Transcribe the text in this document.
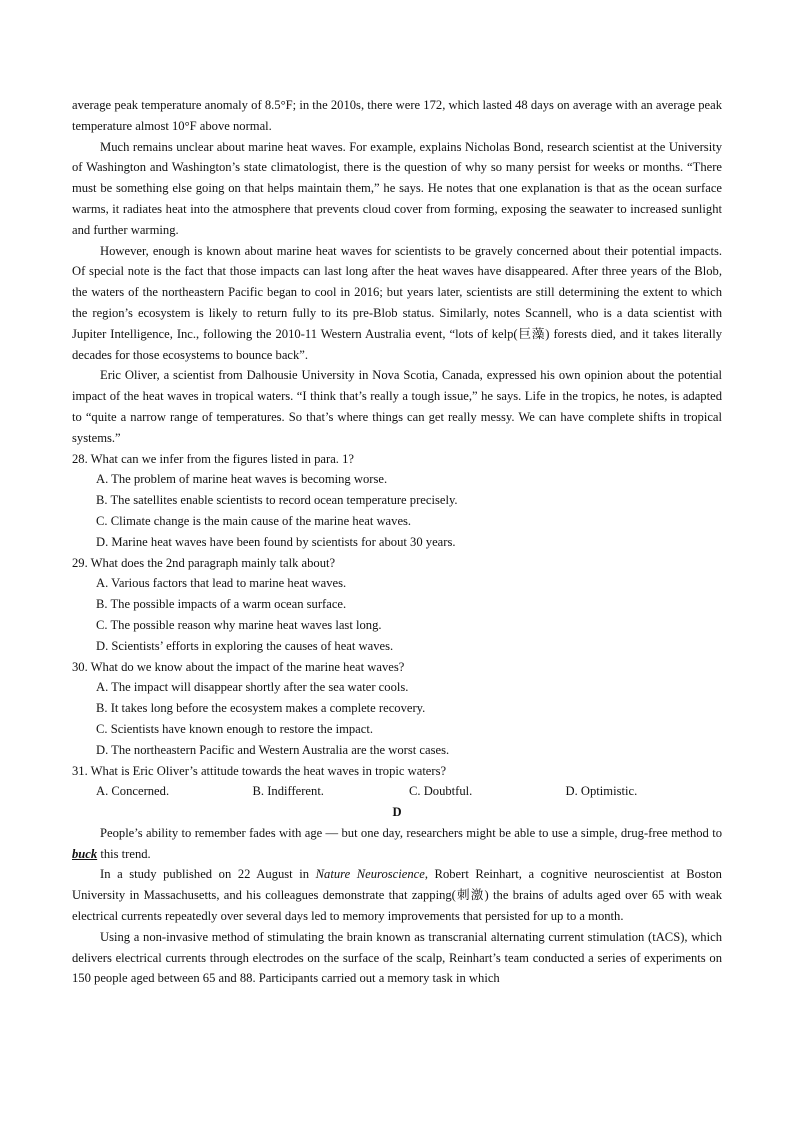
average peak temperature anomaly of 8.5°F; in the 2010s, there were 172, which lasted 48 days on average with an average peak temperature almost 10°F above normal.

Much remains unclear about marine heat waves. For example, explains Nicholas Bond, research scientist at the University of Washington and Washington’s state climatologist, there is the question of why so many persist for weeks or months. “There must be something else going on that helps maintain them,” he says. He notes that one explanation is that as the ocean surface warms, it radiates heat into the atmosphere that prevents cloud cover from forming, exposing the seawater to increased sunlight and further warming.

However, enough is known about marine heat waves for scientists to be gravely concerned about their potential impacts. Of special note is the fact that those impacts can last long after the heat waves have disappeared. After three years of the Blob, the waters of the northeastern Pacific began to cool in 2016; but years later, scientists are still determining the extent to which the region’s ecosystem is likely to return fully to its pre-Blob status. Similarly, notes Scannell, who is a data scientist with Jupiter Intelligence, Inc., following the 2010-11 Western Australia event, “lots of kelp(巨藻) forests died, and it takes literally decades for those ecosystems to bounce back”.

Eric Oliver, a scientist from Dalhousie University in Nova Scotia, Canada, expressed his own opinion about the potential impact of the heat waves in tropical waters. “I think that’s really a tough issue,” he says. Life in the tropics, he notes, is adapted to “quite a narrow range of temperatures. So that’s where things can get really messy. We can have complete shifts in tropical systems.”

28. What can we infer from the figures listed in para. 1?

A. The problem of marine heat waves is becoming worse.

B. The satellites enable scientists to record ocean temperature precisely.

C. Climate change is the main cause of the marine heat waves.

D. Marine heat waves have been found by scientists for about 30 years.

29. What does the 2nd paragraph mainly talk about?

A. Various factors that lead to marine heat waves.

B. The possible impacts of a warm ocean surface.

C. The possible reason why marine heat waves last long.

D. Scientists’ efforts in exploring the causes of heat waves.

30. What do we know about the impact of the marine heat waves?

A. The impact will disappear shortly after the sea water cools.

B. It takes long before the ecosystem makes a complete recovery.

C. Scientists have known enough to restore the impact.

D. The northeastern Pacific and Western Australia are the worst cases.

31. What is Eric Oliver’s attitude towards the heat waves in tropic waters?

A. Concerned.	B. Indifferent.	C. Doubtful.	D. Optimistic.

D

People’s ability to remember fades with age — but one day, researchers might be able to use a simple, drug-free method to buck this trend.

In a study published on 22 August in Nature Neuroscience, Robert Reinhart, a cognitive neuroscientist at Boston University in Massachusetts, and his colleagues demonstrate that zapping(刺激) the brains of adults aged over 65 with weak electrical currents repeatedly over several days led to memory improvements that persisted for up to a month.

Using a non-invasive method of stimulating the brain known as transcranial alternating current stimulation (tACS), which delivers electrical currents through electrodes on the surface of the scalp, Reinhart’s team conducted a series of experiments on 150 people aged between 65 and 88. Participants carried out a memory task in which
